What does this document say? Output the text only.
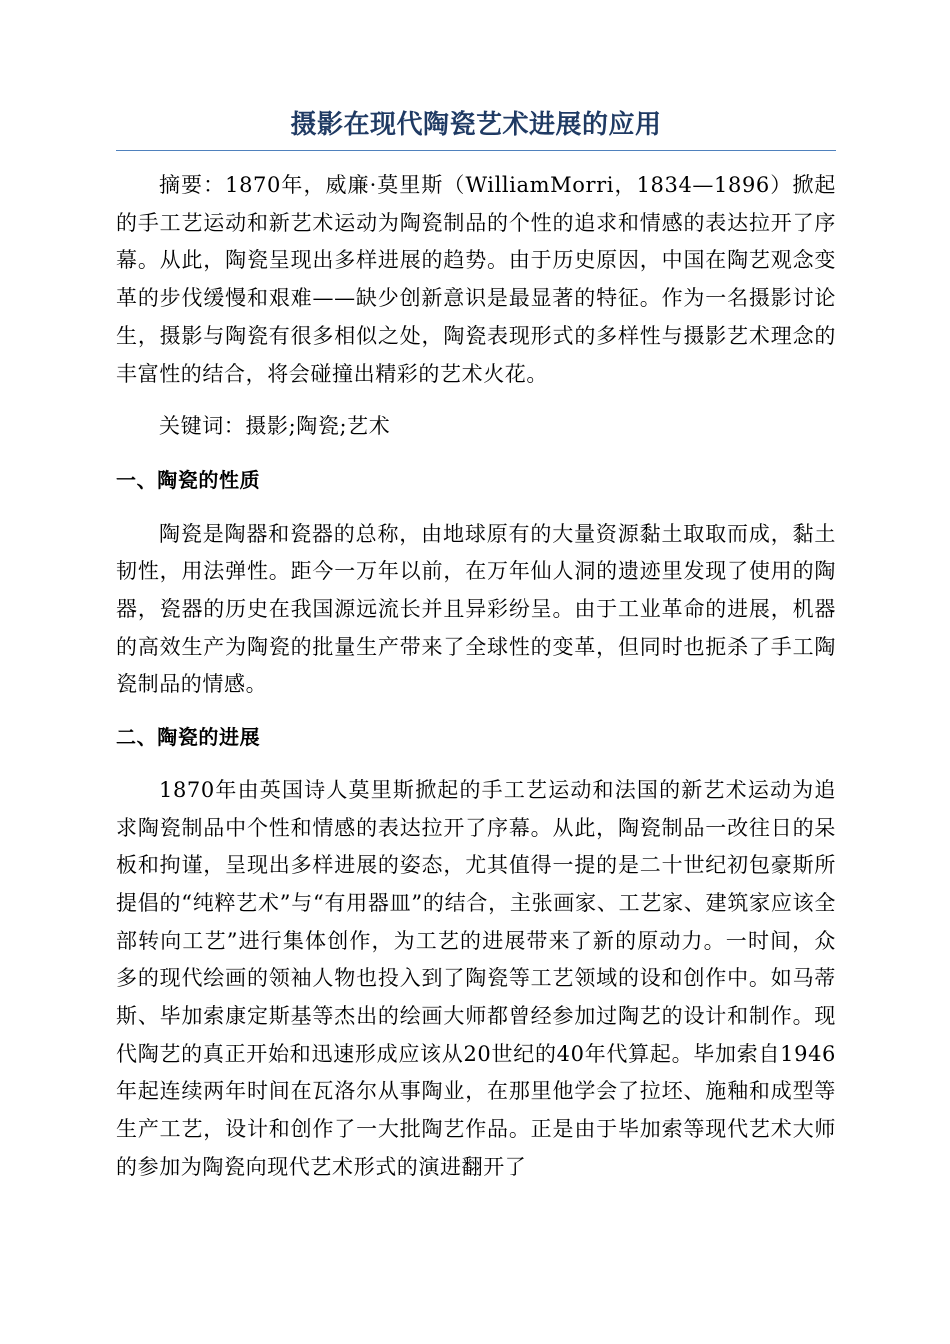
摄影在现代陶瓷艺术进展的应用

摘要：1870年，威廉·莫里斯（WilliamMorri，1834—1896）掀起的手工艺运动和新艺术运动为陶瓷制品的个性的追求和情感的表达拉开了序幕。从此，陶瓷呈现出多样进展的趋势。由于历史原因，中国在陶艺观念变革的步伐缓慢和艰难——缺少创新意识是最显著的特征。作为一名摄影讨论生，摄影与陶瓷有很多相似之处，陶瓷表现形式的多样性与摄影艺术理念的丰富性的结合，将会碰撞出精彩的艺术火花。

关键词：摄影;陶瓷;艺术

一、陶瓷的性质

陶瓷是陶器和瓷器的总称，由地球原有的大量资源黏土取取而成，黏土韧性，用法弹性。距今一万年以前，在万年仙人洞的遗迹里发现了使用的陶器，瓷器的历史在我国源远流长并且异彩纷呈。由于工业革命的进展，机器的高效生产为陶瓷的批量生产带来了全球性的变革，但同时也扼杀了手工陶瓷制品的情感。

二、陶瓷的进展

1870年由英国诗人莫里斯掀起的手工艺运动和法国的新艺术运动为追求陶瓷制品中个性和情感的表达拉开了序幕。从此，陶瓷制品一改往日的呆板和拘谨，呈现出多样进展的姿态，尤其值得一提的是二十世纪初包豪斯所提倡的“纯粹艺术”与“有用器皿”的结合，主张画家、工艺家、建筑家应该全部转向工艺”进行集体创作，为工艺的进展带来了新的原动力。一时间，众多的现代绘画的领袖人物也投入到了陶瓷等工艺领域的设和创作中。如马蒂斯、毕加索康定斯基等杰出的绘画大师都曾经参加过陶艺的设计和制作。现代陶艺的真正开始和迅速形成应该从20世纪的40年代算起。毕加索自1946年起连续两年时间在瓦洛尔从事陶业，在那里他学会了拉坯、施釉和成型等生产工艺，设计和创作了一大批陶艺作品。正是由于毕加索等现代艺术大师的参加为陶瓷向现代艺术形式的演进翻开了
